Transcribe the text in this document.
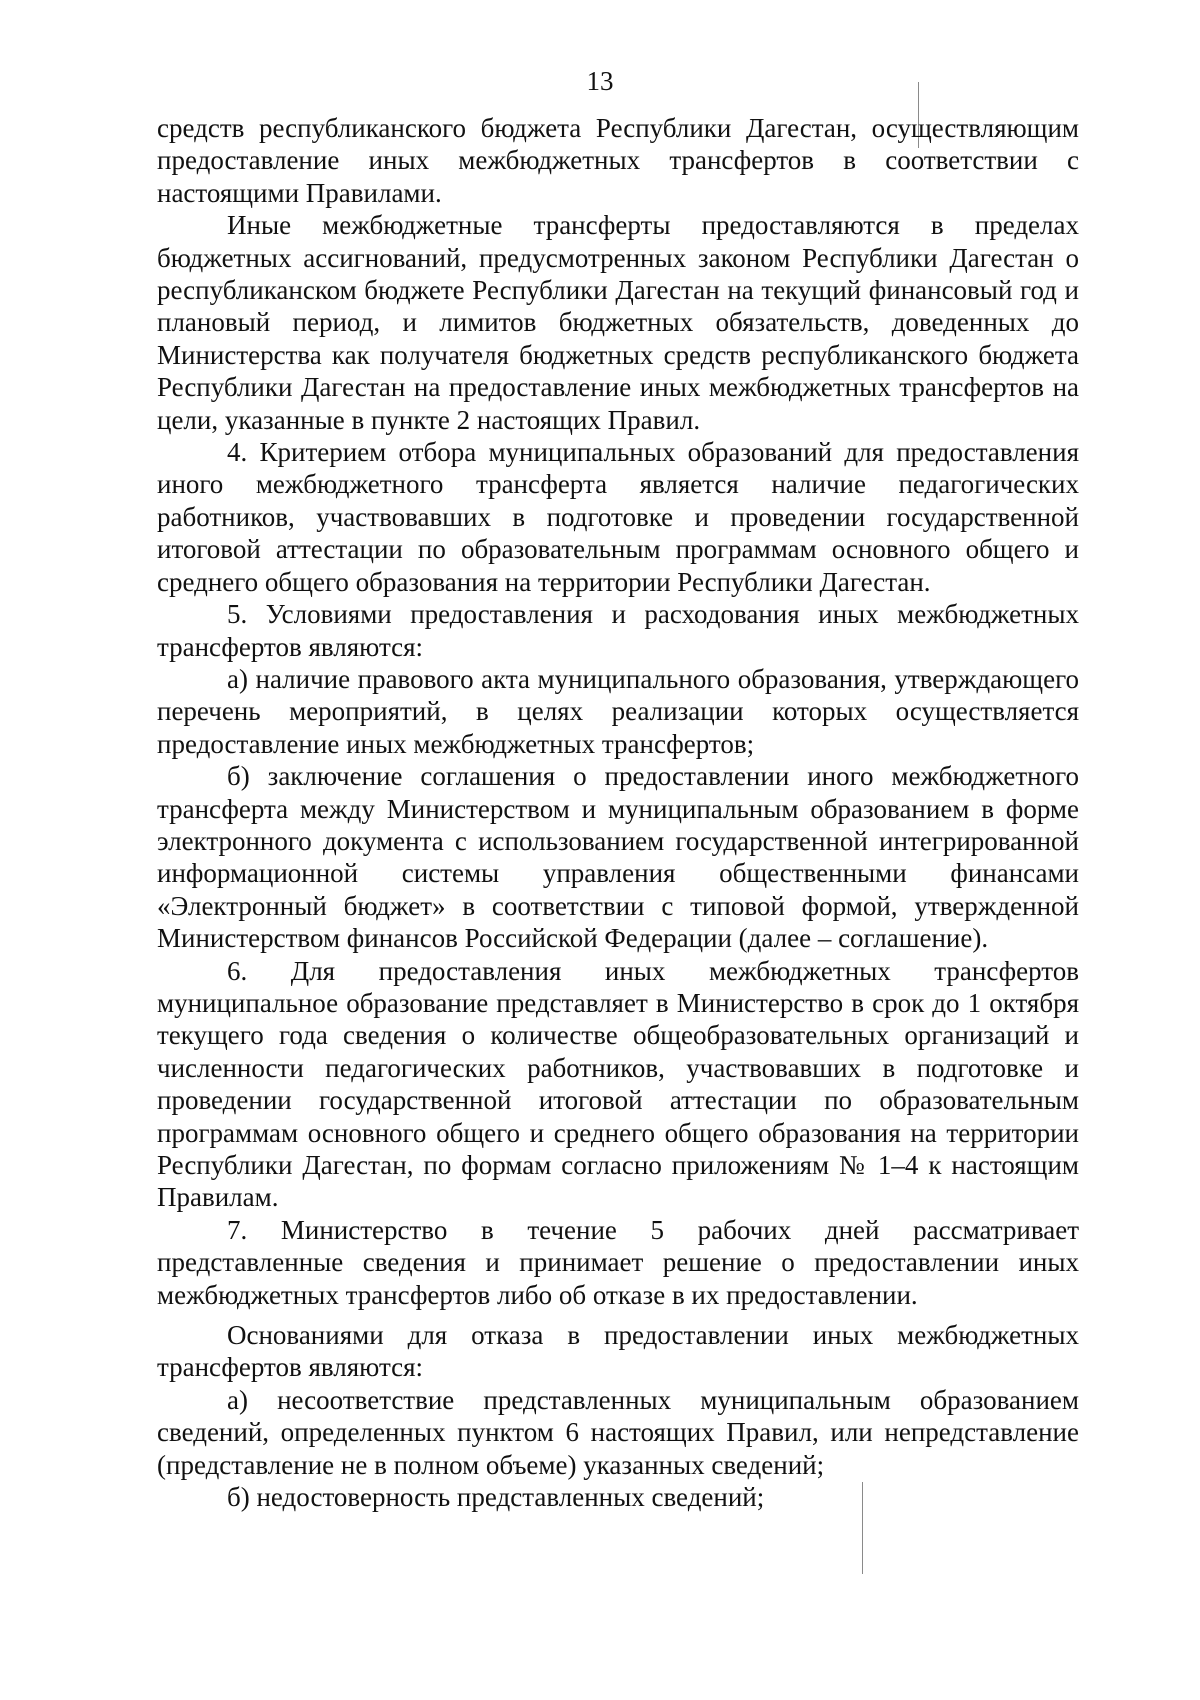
13

средств республиканского бюджета Республики Дагестан, осуществляющим предоставление иных межбюджетных трансфертов в соответствии с настоящими Правилами.

Иные межбюджетные трансферты предоставляются в пределах бюджетных ассигнований, предусмотренных законом Республики Дагестан о республиканском бюджете Республики Дагестан на текущий финансовый год и плановый период, и лимитов бюджетных обязательств, доведенных до Министерства как получателя бюджетных средств республиканского бюджета Республики Дагестан на предоставление иных межбюджетных трансфертов на цели, указанные в пункте 2 настоящих Правил.

4. Критерием отбора муниципальных образований для предоставления иного межбюджетного трансферта является наличие педагогических работников, участвовавших в подготовке и проведении государственной итоговой аттестации по образовательным программам основного общего и среднего общего образования на территории Республики Дагестан.

5. Условиями предоставления и расходования иных межбюджетных трансфертов являются:

а) наличие правового акта муниципального образования, утверждающего перечень мероприятий, в целях реализации которых осуществляется предоставление иных межбюджетных трансфертов;

б) заключение соглашения о предоставлении иного межбюджетного трансферта между Министерством и муниципальным образованием в форме электронного документа с использованием государственной интегрированной информационной системы управления общественными финансами «Электронный бюджет» в соответствии с типовой формой, утвержденной Министерством финансов Российской Федерации (далее – соглашение).

6. Для предоставления иных межбюджетных трансфертов муниципальное образование представляет в Министерство в срок до 1 октября текущего года сведения о количестве общеобразовательных организаций и численности педагогических работников, участвовавших в подготовке и проведении государственной итоговой аттестации по образовательным программам основного общего и среднего общего образования на территории Республики Дагестан, по формам согласно приложениям № 1–4 к настоящим Правилам.

7. Министерство в течение 5 рабочих дней рассматривает представленные сведения и принимает решение о предоставлении иных межбюджетных трансфертов либо об отказе в их предоставлении.

Основаниями для отказа в предоставлении иных межбюджетных трансфертов являются:

а) несоответствие представленных муниципальным образованием сведений, определенных пунктом 6 настоящих Правил, или непредставление (представление не в полном объеме) указанных сведений;

б) недостоверность представленных сведений;
